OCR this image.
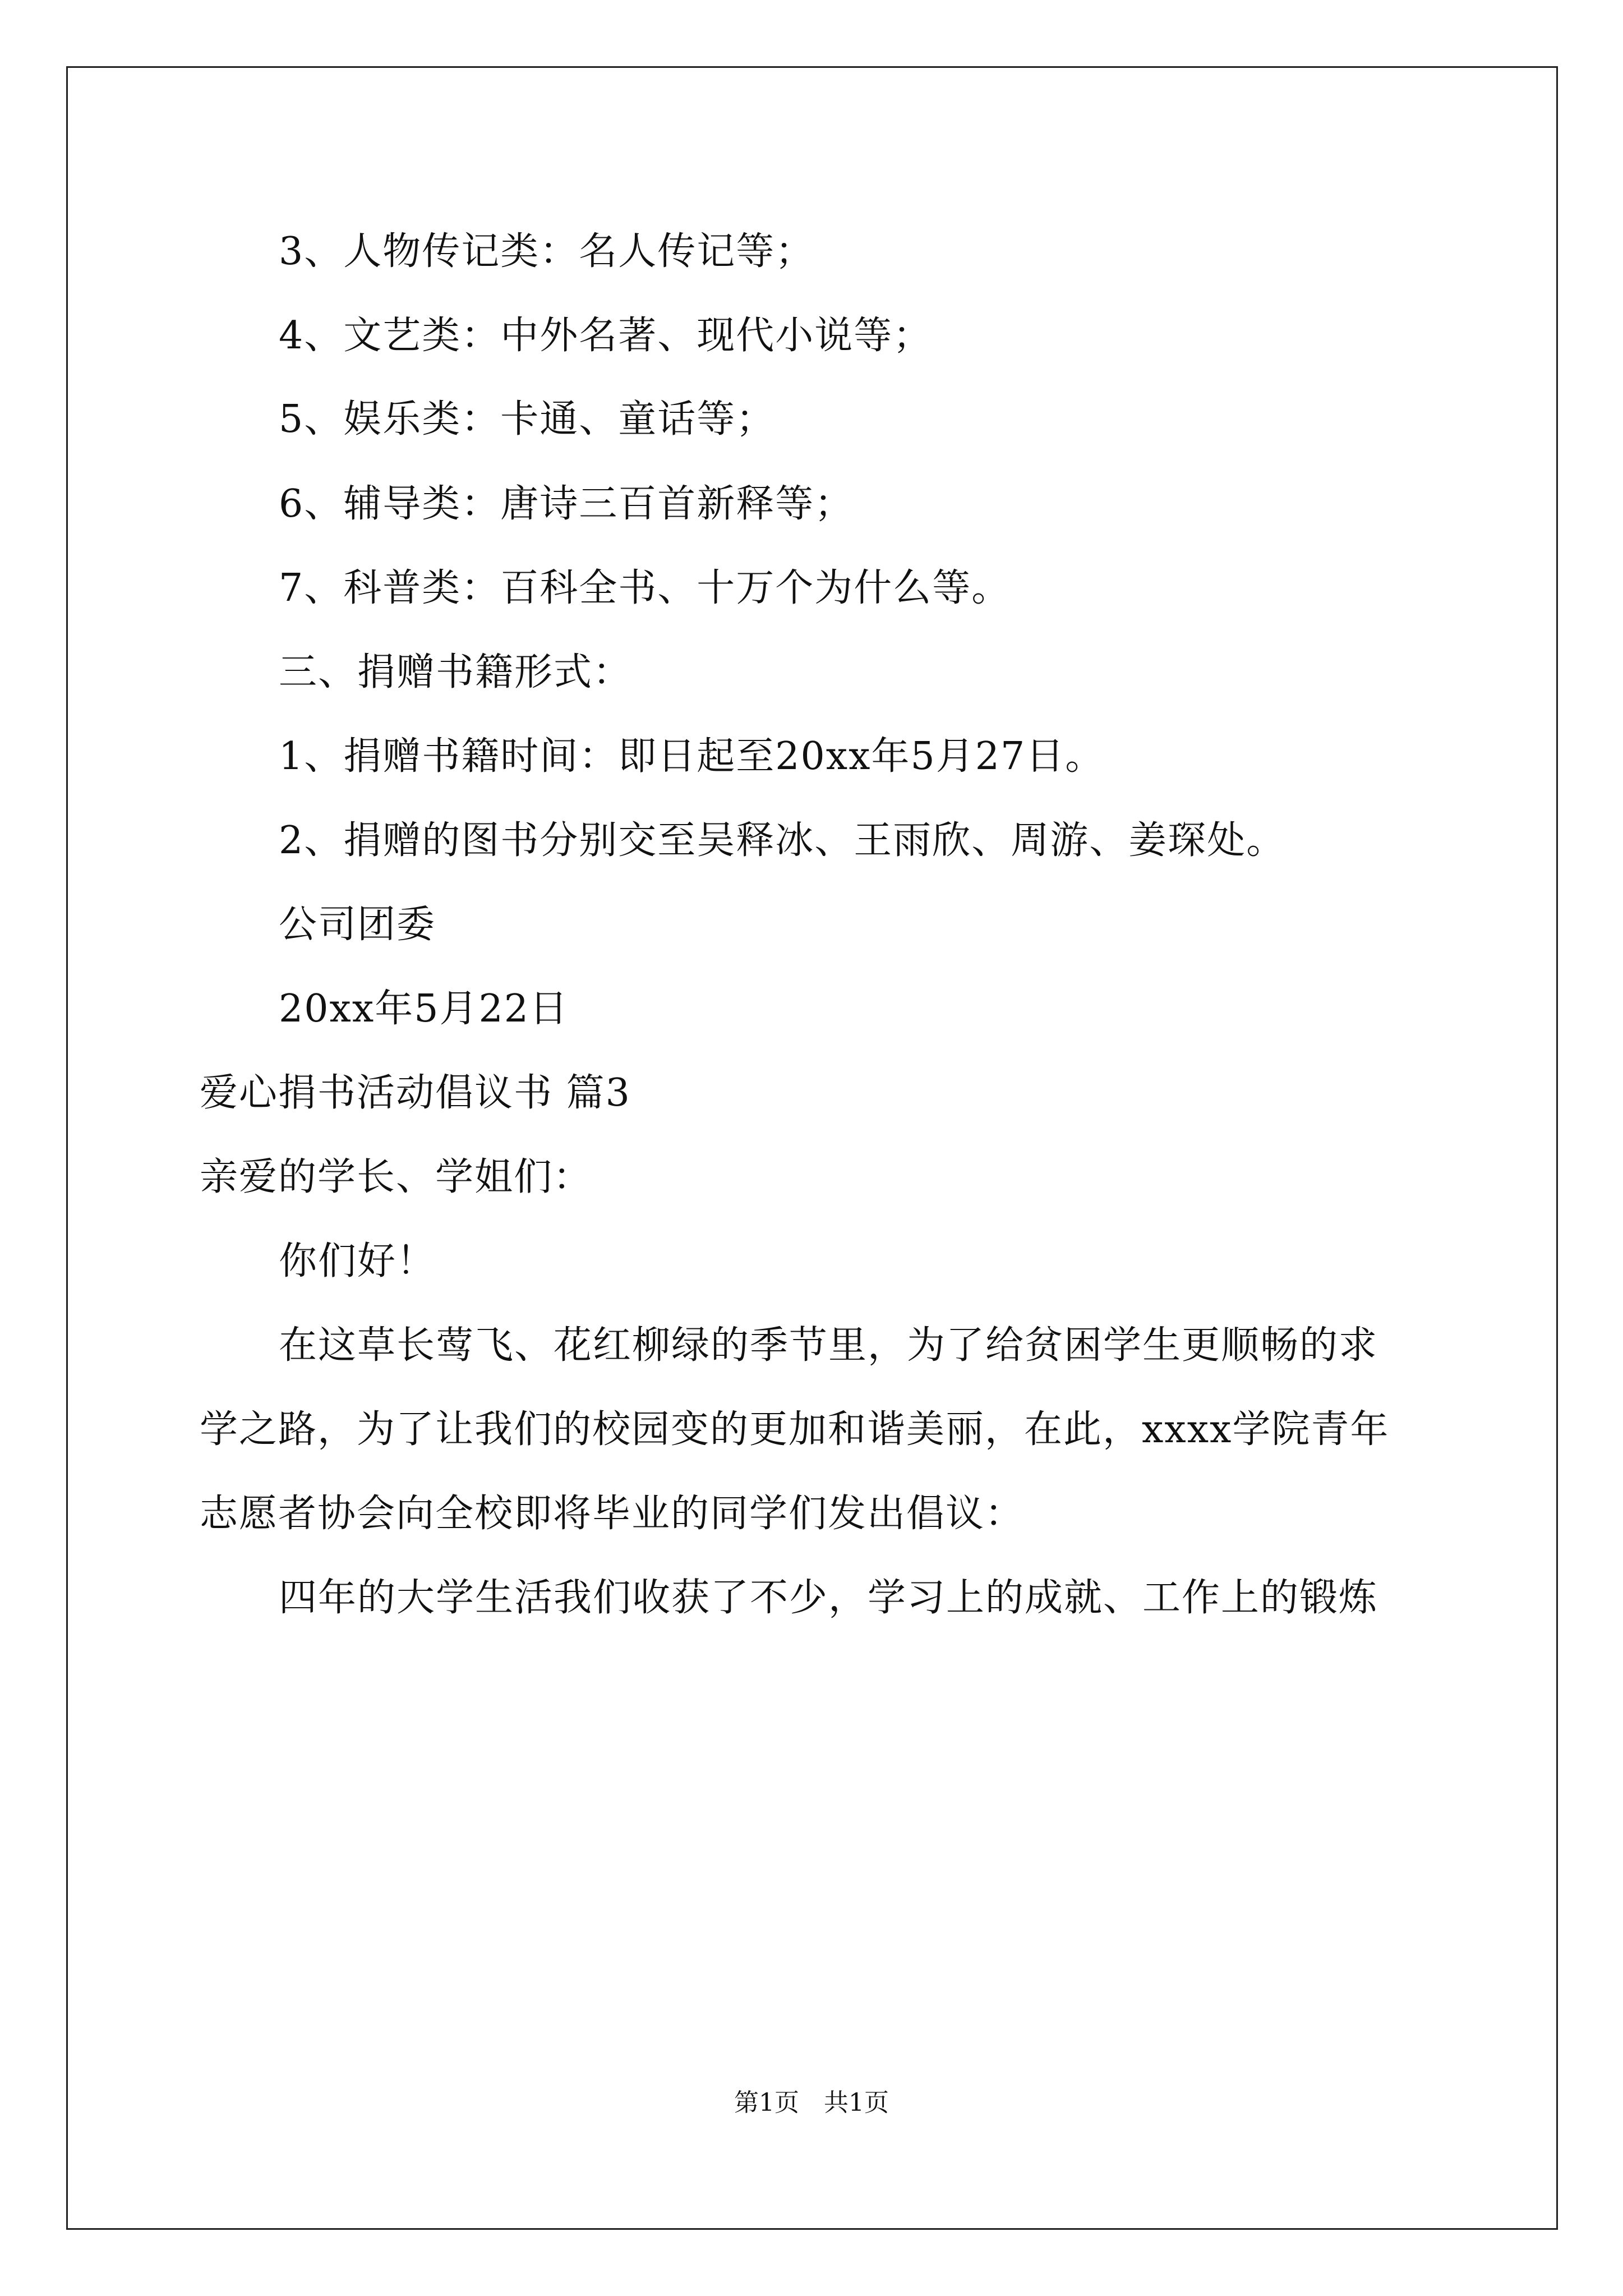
3、人物传记类：名人传记等；

4、文艺类：中外名著、现代小说等；

5、娱乐类：卡通、童话等；

6、辅导类：唐诗三百首新释等；

7、科普类：百科全书、十万个为什么等。

三、捐赠书籍形式：

1、捐赠书籍时间：即日起至20xx年5月27日。

2、捐赠的图书分别交至吴释冰、王雨欣、周游、姜琛处。

公司团委

20xx年5月22日

爱心捐书活动倡议书 篇3

亲爱的学长、学姐们：

你们好！

在这草长莺飞、花红柳绿的季节里，为了给贫困学生更顺畅的求

学之路，为了让我们的校园变的更加和谐美丽，在此，xxxx学院青年

志愿者协会向全校即将毕业的同学们发出倡议：

四年的大学生活我们收获了不少，学习上的成就、工作上的锻炼

第1页　共1页
